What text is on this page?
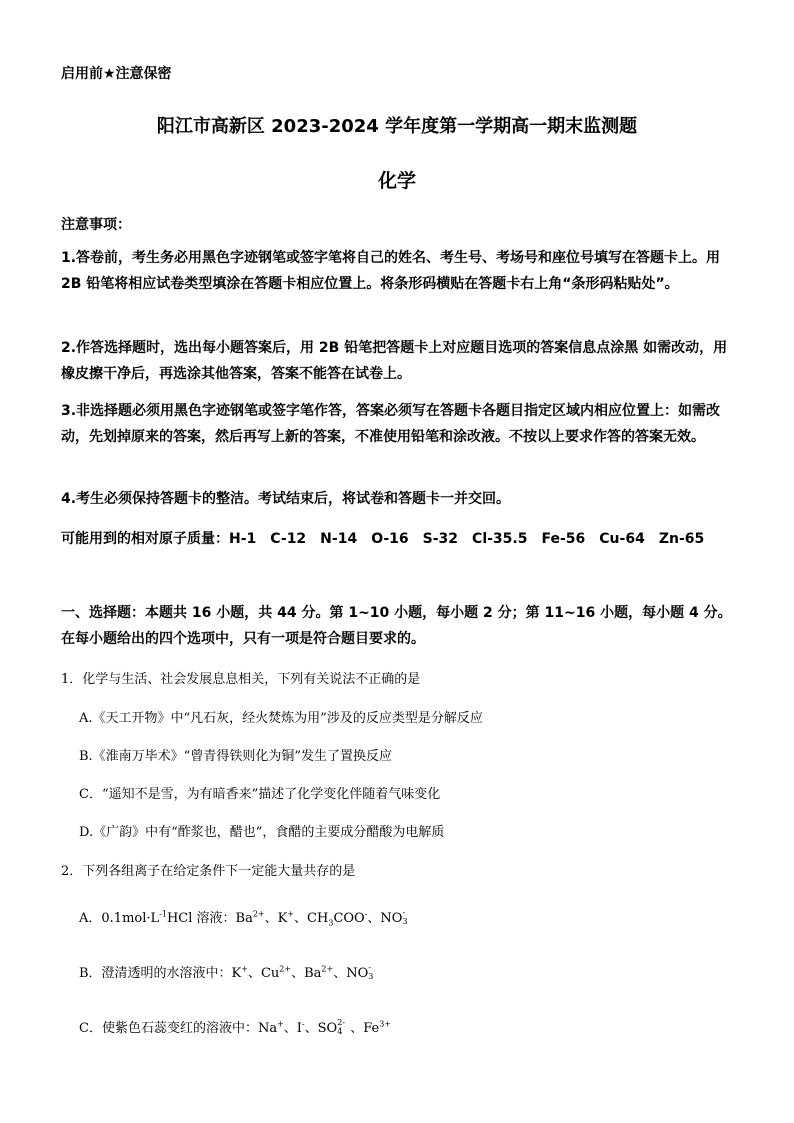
启用前★注意保密
阳江市高新区 2023-2024 学年度第一学期高一期末监测题
化学
注意事项：
1.答卷前，考生务必用黑色字迹钢笔或签字笔将自己的姓名、考生号、考场号和座位号填写在答题卡上。用 2B 铅笔将相应试卷类型填涂在答题卡相应位置上。将条形码横贴在答题卡右上角“条形码粘贴处”。
2.作答选择题时，选出每小题答案后，用 2B 铅笔把答题卡上对应题目选项的答案信息点涂黑 如需改动，用橡皮擦干净后，再选涂其他答案，答案不能答在试卷上。
3.非选择题必须用黑色字迹钢笔或签字笔作答，答案必须写在答题卡各题目指定区域内相应位置上：如需改动，先划掉原来的答案，然后再写上新的答案，不准使用铅笔和涂改液。不按以上要求作答的答案无效。
4.考生必须保持答题卡的整洁。考试结束后，将试卷和答题卡一并交回。
可能用到的相对原子质量：H-1 C-12 N-14 O-16 S-32 Cl-35.5 Fe-56 Cu-64 Zn-65
一、选择题：本题共 16 小题，共 44 分。第 1~10 小题，每小题 2 分；第 11~16 小题，每小题 4 分。在每小题给出的四个选项中，只有一项是符合题目要求的。
1．化学与生活、社会发展息息相关，下列有关说法不正确的是
A.《天工开物》中“凡石灰，经火焚炼为用”涉及的反应类型是分解反应
B.《淮南万毕术》“曾青得铁则化为铜”发生了置换反应
C．“遥知不是雪，为有暗香来”描述了化学变化伴随着气味变化
D.《广韵》中有“酢浆也，醋也”，食醋的主要成分醋酸为电解质
2．下列各组离子在给定条件下一定能大量共存的是
A．$0.1mol\cdot L^{-1}HCl$ 溶液：$Ba^{2+}$、K+、$CH_3COO^-$、NO -
3
B．澄清透明的水溶液中：K+、$Cu^{2+}$、$Ba^{2+}$、NO -
3
C．使紫色石蕊变红的溶液中：Na+、I-、SO 2-
4 、$Fe^{3+}$
